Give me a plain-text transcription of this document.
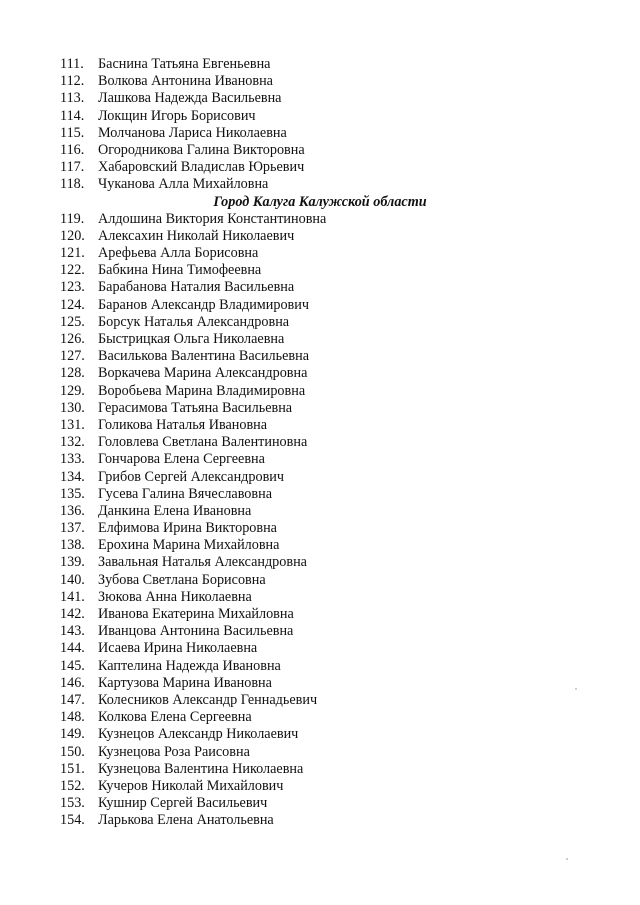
111.	Баснина Татьяна Евгеньевна
112. Волкова Антонина Ивановна
113. Лашкова Надежда Васильевна
114. Локщин Игорь Борисович
115. Молчанова Лариса Николаевна
116. Огородникова Галина Викторовна
117. Хабаровский Владислав Юрьевич
118. Чуканова Алла Михайловна
Город Калуга Калужской области
119. Алдошина Виктория Константиновна
120. Алексахин Николай Николаевич
121. Арефьева Алла Борисовна
122. Бабкина Нина Тимофеевна
123. Барабанова Наталия Васильевна
124. Баранов Александр Владимирович
125. Борсук Наталья Александровна
126. Быстрицкая Ольга Николаевна
127. Василькова Валентина Васильевна
128. Воркачева Марина Александровна
129. Воробьева Марина Владимировна
130. Герасимова Татьяна Васильевна
131. Голикова Наталья Ивановна
132. Головлева Светлана Валентиновна
133. Гончарова Елена Сергеевна
134. Грибов Сергей Александрович
135. Гусева Галина Вячеславовна
136. Данкина Елена Ивановна
137. Елфимова Ирина Викторовна
138. Ерохина Марина Михайловна
139. Завальная Наталья Александровна
140. Зубова Светлана Борисовна
141. Зюкова Анна Николаевна
142. Иванова Екатерина Михайловна
143. Иванцова Антонина Васильевна
144. Исаева Ирина Николаевна
145. Каптелина Надежда Ивановна
146. Картузова Марина Ивановна
147. Колесников Александр Геннадьевич
148. Колкова Елена Сергеевна
149. Кузнецов Александр Николаевич
150. Кузнецова Роза Раисовна
151. Кузнецова Валентина Николаевна
152. Кучеров Николай Михайлович
153. Кушнир Сергей Васильевич
154. Ларькова Елена Анатольевна
